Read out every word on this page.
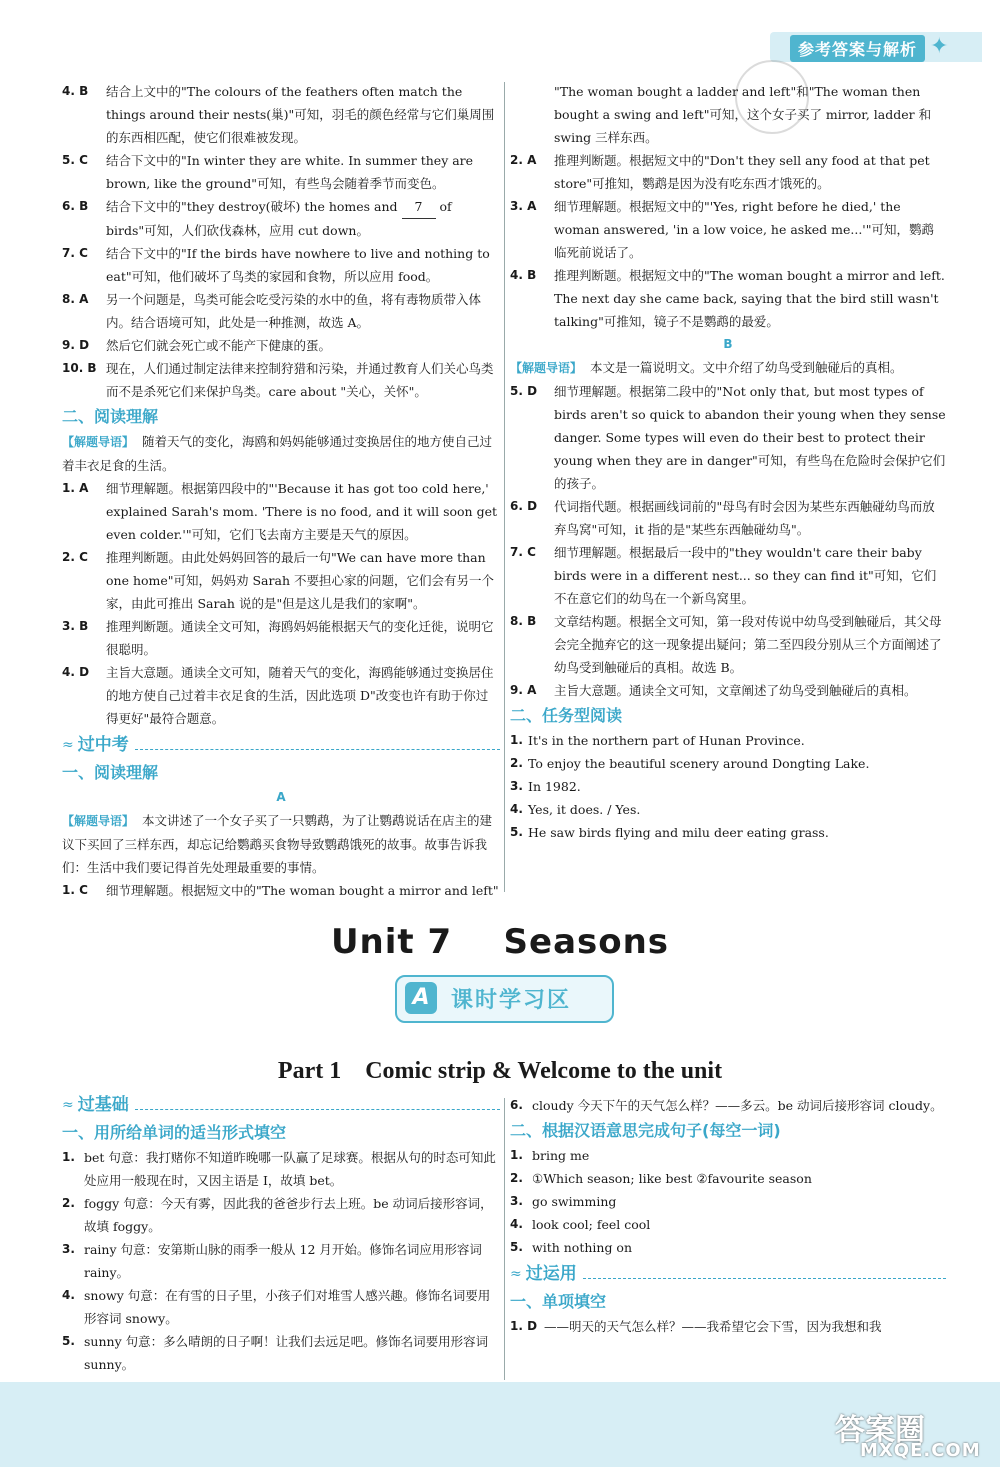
参考答案与解析 ✦
4. B	结合上文中的"The colours of the feathers often match the things around their nests(巢)"可知，羽毛的颜色经常与它们巢周围的东西相匹配，使它们很难被发现。
5. C	结合下文中的"In winter they are white. In summer they are brown, like the ground"可知，有些鸟会随着季节而变色。
6. B	结合下文中的"they destroy(破坏) the homes and 7 of birds"可知，人们砍伐森林，应用 cut down。
7. C	结合下文中的"If the birds have nowhere to live and nothing to eat"可知，他们破坏了鸟类的家园和食物，所以应用 food。
8. A	另一个问题是，鸟类可能会吃受污染的水中的鱼，将有毒物质带入体内。结合语境可知，此处是一种推测，故选 A。
9. D	然后它们就会死亡或不能产下健康的蛋。
10. B 现在，人们通过制定法律来控制狩猎和污染，并通过教育人们关心鸟类而不是杀死它们来保护鸟类。care about "关心，关怀"。
二、阅读理解
【解题导语】 随着天气的变化，海鸥和妈妈能够通过变换居住的地方使自己过着丰衣足食的生活。
1. A	细节理解题。根据第四段中的"'Because it has got too cold here,' explained Sarah's mom. 'There is no food, and it will soon get even colder.'"可知，它们飞去南方主要是天气的原因。
2. C	推理判断题。由此处妈妈回答的最后一句"We can have more than one home"可知，妈妈劝 Sarah 不要担心家的问题，它们会有另一个家，由此可推出 Sarah 说的是"但是这儿是我们的家啊"。
3. B	推理判断题。通读全文可知，海鸥妈妈能根据天气的变化迁徙，说明它很聪明。
4. D	主旨大意题。通读全文可知，随着天气的变化，海鸥能够通过变换居住的地方使自己过着丰衣足食的生活，因此选项 D"改变也许有助于你过得更好"最符合题意。
≈ 过中考
一、阅读理解
A
【解题导语】 本文讲述了一个女子买了一只鹦鹉，为了让鹦鹉说话在店主的建议下买回了三样东西，却忘记给鹦鹉买食物导致鹦鹉饿死的故事。故事告诉我们：生活中我们要记得首先处理最重要的事情。
1. C	细节理解题。根据短文中的"The woman bought a mirror and left"
"The woman bought a ladder and left"和"The woman then bought a swing and left"可知，这个女子买了 mirror, ladder 和 swing 三样东西。
2. A	推理判断题。根据短文中的"Don't they sell any food at that pet store"可推知，鹦鹉是因为没有吃东西才饿死的。
3. A	细节理解题。根据短文中的"'Yes, right before he died,' the woman answered, 'in a low voice, he asked me...'"可知，鹦鹉临死前说话了。
4. B	推理判断题。根据短文中的"The woman bought a mirror and left. The next day she came back, saying that the bird still wasn't talking"可推知，镜子不是鹦鹉的最爱。
B
【解题导语】 本文是一篇说明文。文中介绍了幼鸟受到触碰后的真相。
5. D	细节理解题。根据第二段中的"Not only that, but most types of birds aren't so quick to abandon their young when they sense danger. Some types will even do their best to protect their young when they are in danger"可知，有些鸟在危险时会保护它们的孩子。
6. D	代词指代题。根据画线词前的"母鸟有时会因为某些东西触碰幼鸟而放弃鸟窝"可知，it 指的是"某些东西触碰幼鸟"。
7. C	细节理解题。根据最后一段中的"they wouldn't care their baby birds were in a different nest... so they can find it"可知，它们不在意它们的幼鸟在一个新鸟窝里。
8. B	文章结构题。根据全文可知，第一段对传说中幼鸟受到触碰后，其父母会完全抛弃它的这一现象提出疑问；第二至四段分别从三个方面阐述了幼鸟受到触碰后的真相。故选 B。
9. A	主旨大意题。通读全文可知，文章阐述了幼鸟受到触碰后的真相。
二、任务型阅读
1. It's in the northern part of Hunan Province.
2. To enjoy the beautiful scenery around Dongting Lake.
3. In 1982.
4. Yes, it does. / Yes.
5. He saw birds flying and milu deer eating grass.
Unit 7    Seasons
A 课时学习区
Part 1    Comic strip & Welcome to the unit
≈ 过基础
一、用所给单词的适当形式填空
1. bet 句意：我打赌你不知道昨晚哪一队赢了足球赛。根据从句的时态可知此处应用一般现在时，又因主语是 I，故填 bet。
2. foggy 句意：今天有雾，因此我的爸爸步行去上班。be 动词后接形容词，故填 foggy。
3. rainy 句意：安第斯山脉的雨季一般从 12 月开始。修饰名词应用形容词 rainy。
4. snowy 句意：在有雪的日子里，小孩子们对堆雪人感兴趣。修饰名词要用形容词 snowy。
5. sunny 句意：多么晴朗的日子啊！让我们去远足吧。修饰名词要用形容词 sunny。
6. cloudy 今天下午的天气怎么样？——多云。be 动词后接形容词 cloudy。
二、根据汉语意思完成句子(每空一词)
1. bring me
2. ①Which season; like best ②favourite season
3. go swimming
4. look cool; feel cool
5. with nothing on
≈ 过运用
一、单项填空
1. D ——明天的天气怎么样？——我希望它会下雪，因为我想和我
答案圈
MXQE.COM
